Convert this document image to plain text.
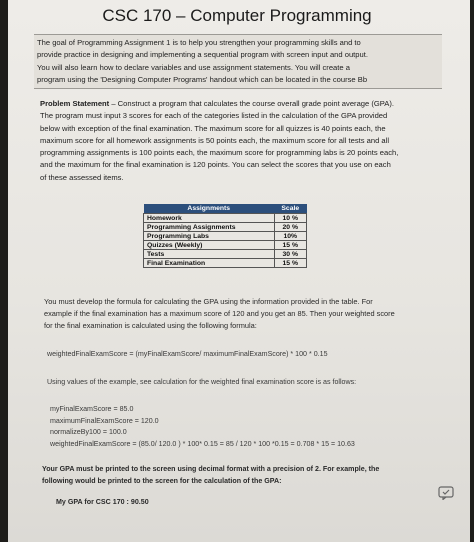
CSC 170 – Computer Programming
The goal of Programming Assignment 1 is to help you strengthen your programming skills and to
provide practice in designing and implementing a sequential program with screen input and output.
You will also learn how to declare variables and use assignment statements. You will create a
program using the 'Designing Computer Programs' handout which can be located in the course Bb
Problem Statement – Construct a program that calculates the course overall grade point average (GPA).
The program must input 3 scores for each of the categories listed in the calculation of the GPA provided
below with exception of the final examination. The maximum score for all quizzes is 40 points each, the
maximum score for all homework assignments is 50 points each, the maximum score for all tests and all
programming assignments is 100 points each, the maximum score for programming labs is 20 points each,
and the maximum for the final examination is 120 points. You can select the scores that you use on each
of these assessed items.
Assignments	Scale
Homework	10 %
Programming Assignments	20 %
Programming Labs	10%
Quizzes (Weekly)	15 %
Tests	30 %
Final Examination	15 %
You must develop the formula for calculating the GPA using the information provided in the table. For
example if the final examination has a maximum score of 120 and you get an 85. Then your weighted score
for the final examination is calculated using the following formula:
weightedFinalExamScore = (myFinalExamScore/ maximumFinalExamScore) * 100 * 0.15
Using values of the example, see calculation for the weighted final examination score is as follows:
myFinalExamScore = 85.0
maximumFinalExamScore = 120.0
normalizeBy100 = 100.0
weightedFinalExamScore = (85.0/ 120.0 ) * 100* 0.15 = 85 / 120 * 100 *0.15 = 0.708 * 15 = 10.63
Your GPA must be printed to the screen using decimal format with a precision of 2. For example, the
following would be printed to the screen for the calculation of the GPA:
My GPA for CSC 170 : 90.50
